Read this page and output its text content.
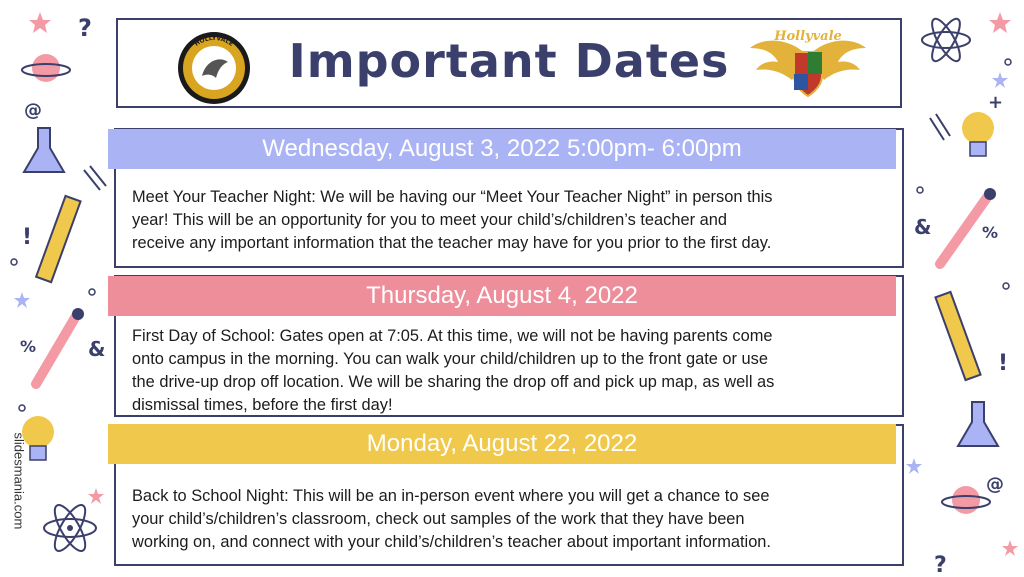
?
@
!
%	&
+
&	%
!
@
?
Important Dates
HOLLYVALE	Hollyvale
Wednesday, August 3, 2022 5:00pm- 6:00pm
Meet Your Teacher Night: We will be having our “Meet Your Teacher Night” in person this
year! This will be an opportunity for you to meet your child’s/children’s teacher and
receive any important information that the teacher may have for you prior to the first day.
Thursday, August 4, 2022
First Day of School: Gates open at 7:05. At this time, we will not be having parents come
onto campus in the morning. You can walk your child/children up to the front gate or use
the drive-up drop off location. We will be sharing the drop off and pick up map, as well as
dismissal times, before the first day!
Monday, August 22, 2022
Back to School Night: This will be an in-person event where you will get a chance to see
your child’s/children’s classroom, check out samples of the work that they have been
working on, and connect with your child’s/children’s teacher about important information.
slidesmania.com
